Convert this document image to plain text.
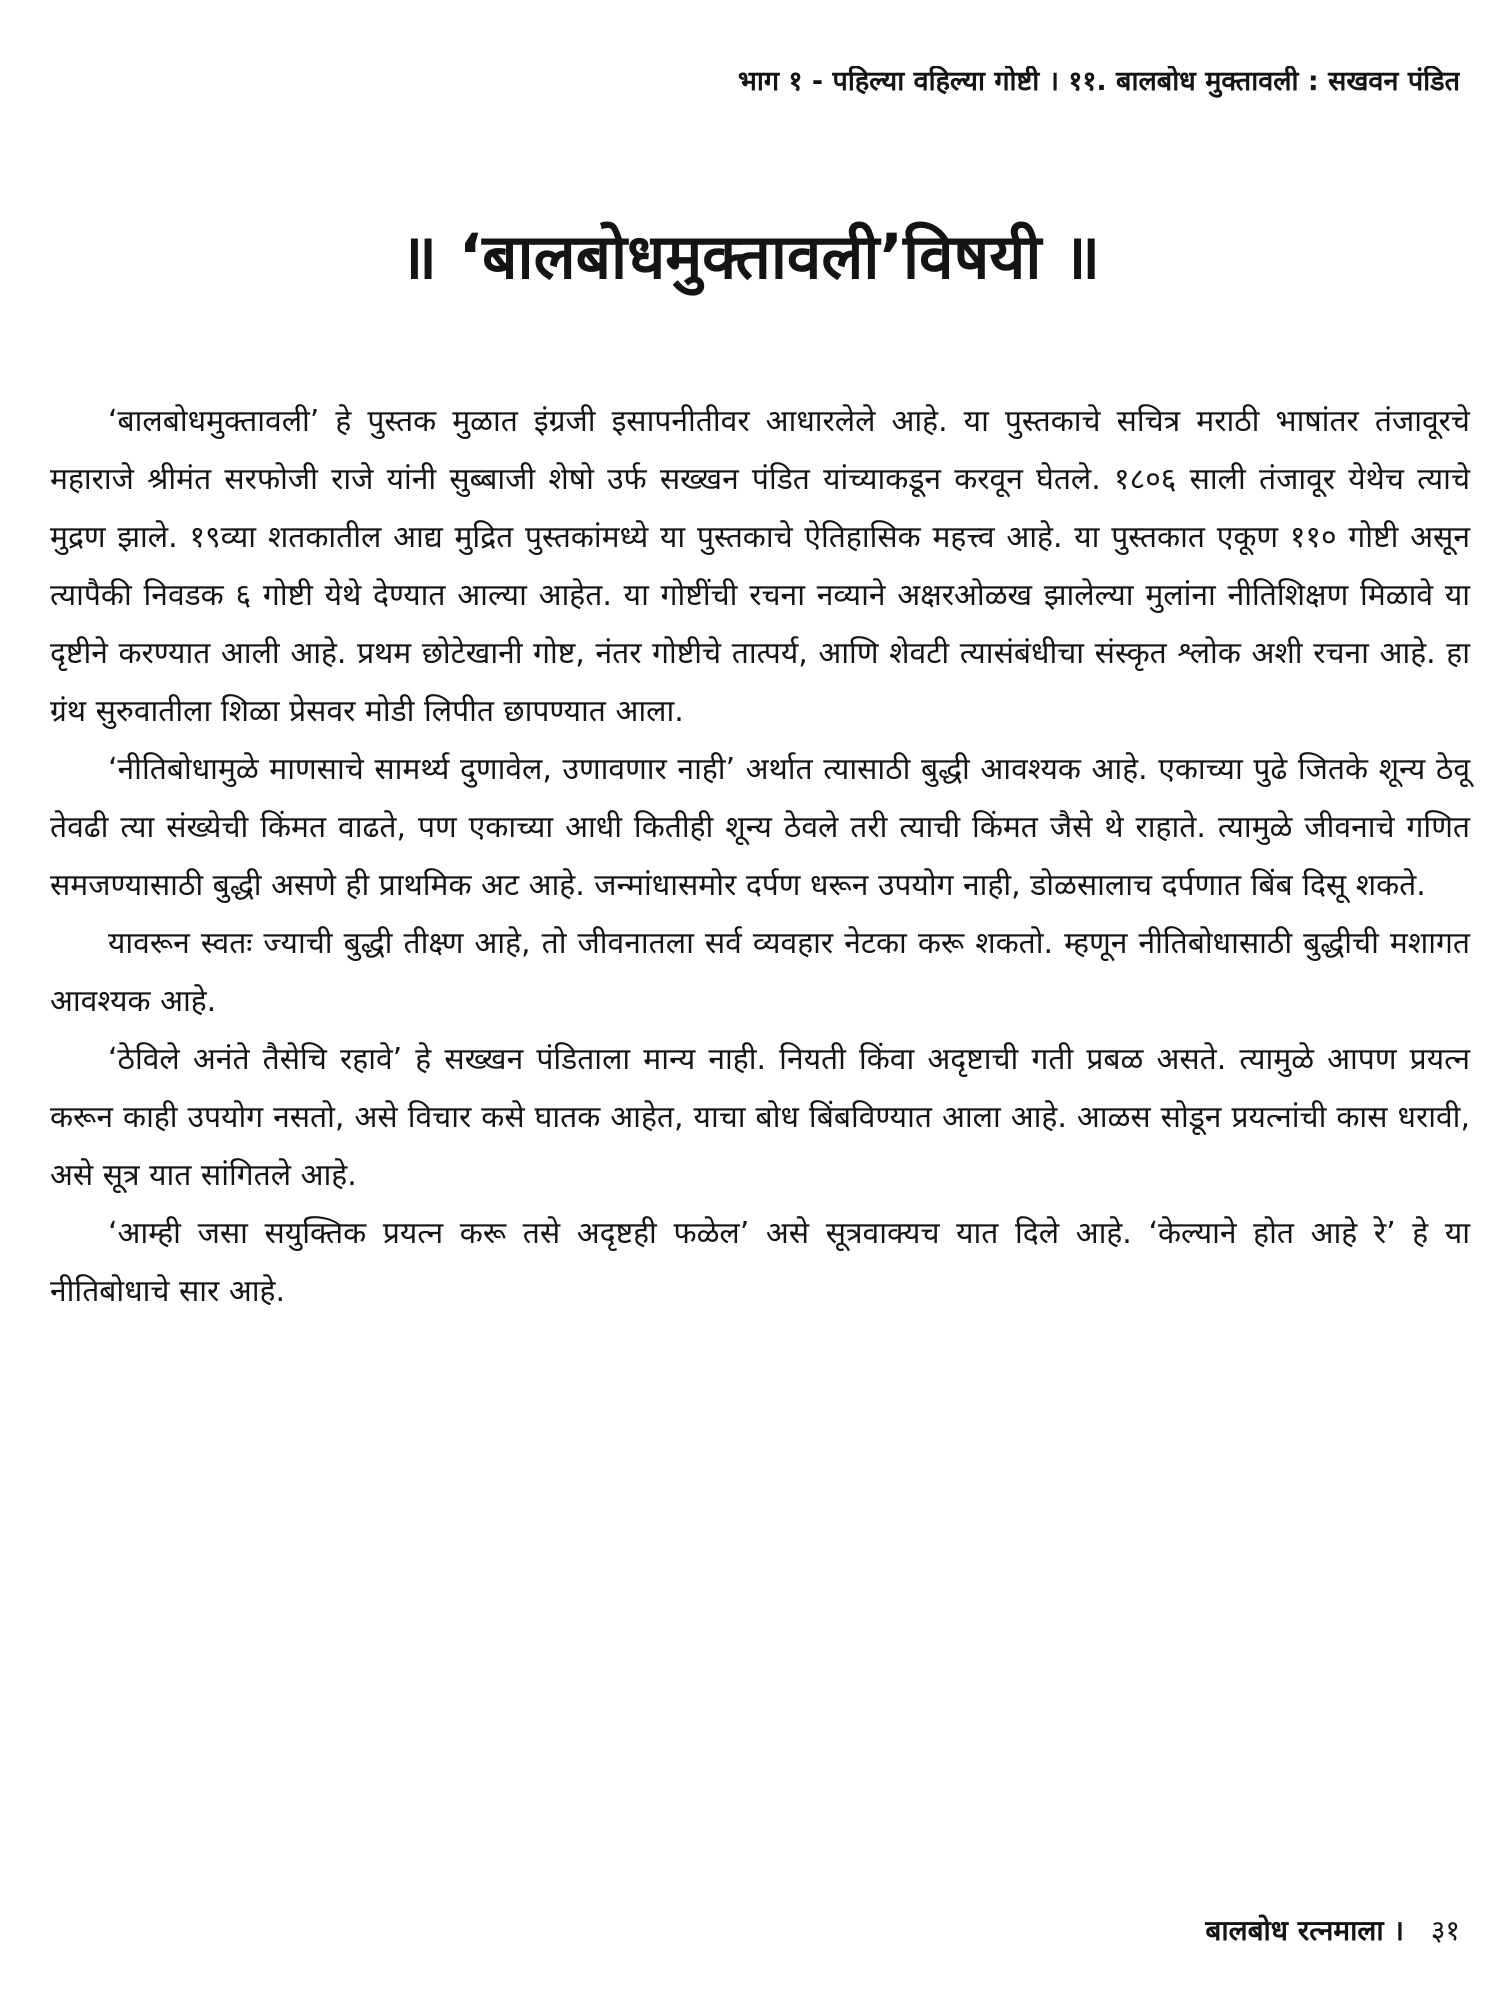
भाग १ - पहिल्या वहिल्या गोष्टी । ११. बालबोध मुक्तावली : सखवन पंडित
॥ ‘बालबोधमुक्तावली’विषयी ॥

‘बालबोधमुक्तावली’ हे पुस्तक मुळात इंग्रजी इसापनीतीवर आधारलेले आहे. या पुस्तकाचे सचित्र मराठी भाषांतर तंजावूरचे महाराजे श्रीमंत सरफोजी राजे यांनी सुब्बाजी शेषो उर्फ सख्खन पंडित यांच्याकडून करवून घेतले. १८०६ साली तंजावूर येथेच त्याचे मुद्रण झाले. १९व्या शतकातील आद्य मुद्रित पुस्तकांमध्ये या पुस्तकाचे ऐतिहासिक महत्त्व आहे. या पुस्तकात एकूण ११० गोष्टी असून त्यापैकी निवडक ६ गोष्टी येथे देण्यात आल्या आहेत. या गोष्टींची रचना नव्याने अक्षरओळख झालेल्या मुलांना नीतिशिक्षण मिळावे या दृष्टीने करण्यात आली आहे. प्रथम छोटेखानी गोष्ट, नंतर गोष्टीचे तात्पर्य, आणि शेवटी त्यासंबंधीचा संस्कृत श्लोक अशी रचना आहे. हा ग्रंथ सुरुवातीला शिळा प्रेसवर मोडी लिपीत छापण्यात आला.

‘नीतिबोधामुळे माणसाचे सामर्थ्य दुणावेल, उणावणार नाही’ अर्थात त्यासाठी बुद्धी आवश्यक आहे. एकाच्या पुढे जितके शून्य ठेवू तेवढी त्या संख्येची किंमत वाढते, पण एकाच्या आधी कितीही शून्य ठेवले तरी त्याची किंमत जैसे थे राहाते. त्यामुळे जीवनाचे गणित समजण्यासाठी बुद्धी असणे ही प्राथमिक अट आहे. जन्मांधासमोर दर्पण धरून उपयोग नाही, डोळसालाच दर्पणात बिंब दिसू शकते.

यावरून स्वतः ज्याची बुद्धी तीक्ष्ण आहे, तो जीवनातला सर्व व्यवहार नेटका करू शकतो. म्हणून नीतिबोधासाठी बुद्धीची मशागत आवश्यक आहे.

‘ठेविले अनंते तैसेचि रहावे’ हे सख्खन पंडिताला मान्य नाही. नियती किंवा अदृष्टाची गती प्रबळ असते. त्यामुळे आपण प्रयत्न करून काही उपयोग नसतो, असे विचार कसे घातक आहेत, याचा बोध बिंबविण्यात आला आहे. आळस सोडून प्रयत्नांची कास धरावी, असे सूत्र यात सांगितले आहे.

‘आम्ही जसा सयुक्तिक प्रयत्न करू तसे अदृष्टही फळेल’ असे सूत्रवाक्यच यात दिले आहे. ‘केल्याने होत आहे रे’ हे या नीतिबोधाचे सार आहे.

बालबोध रत्नमाला । ३१
